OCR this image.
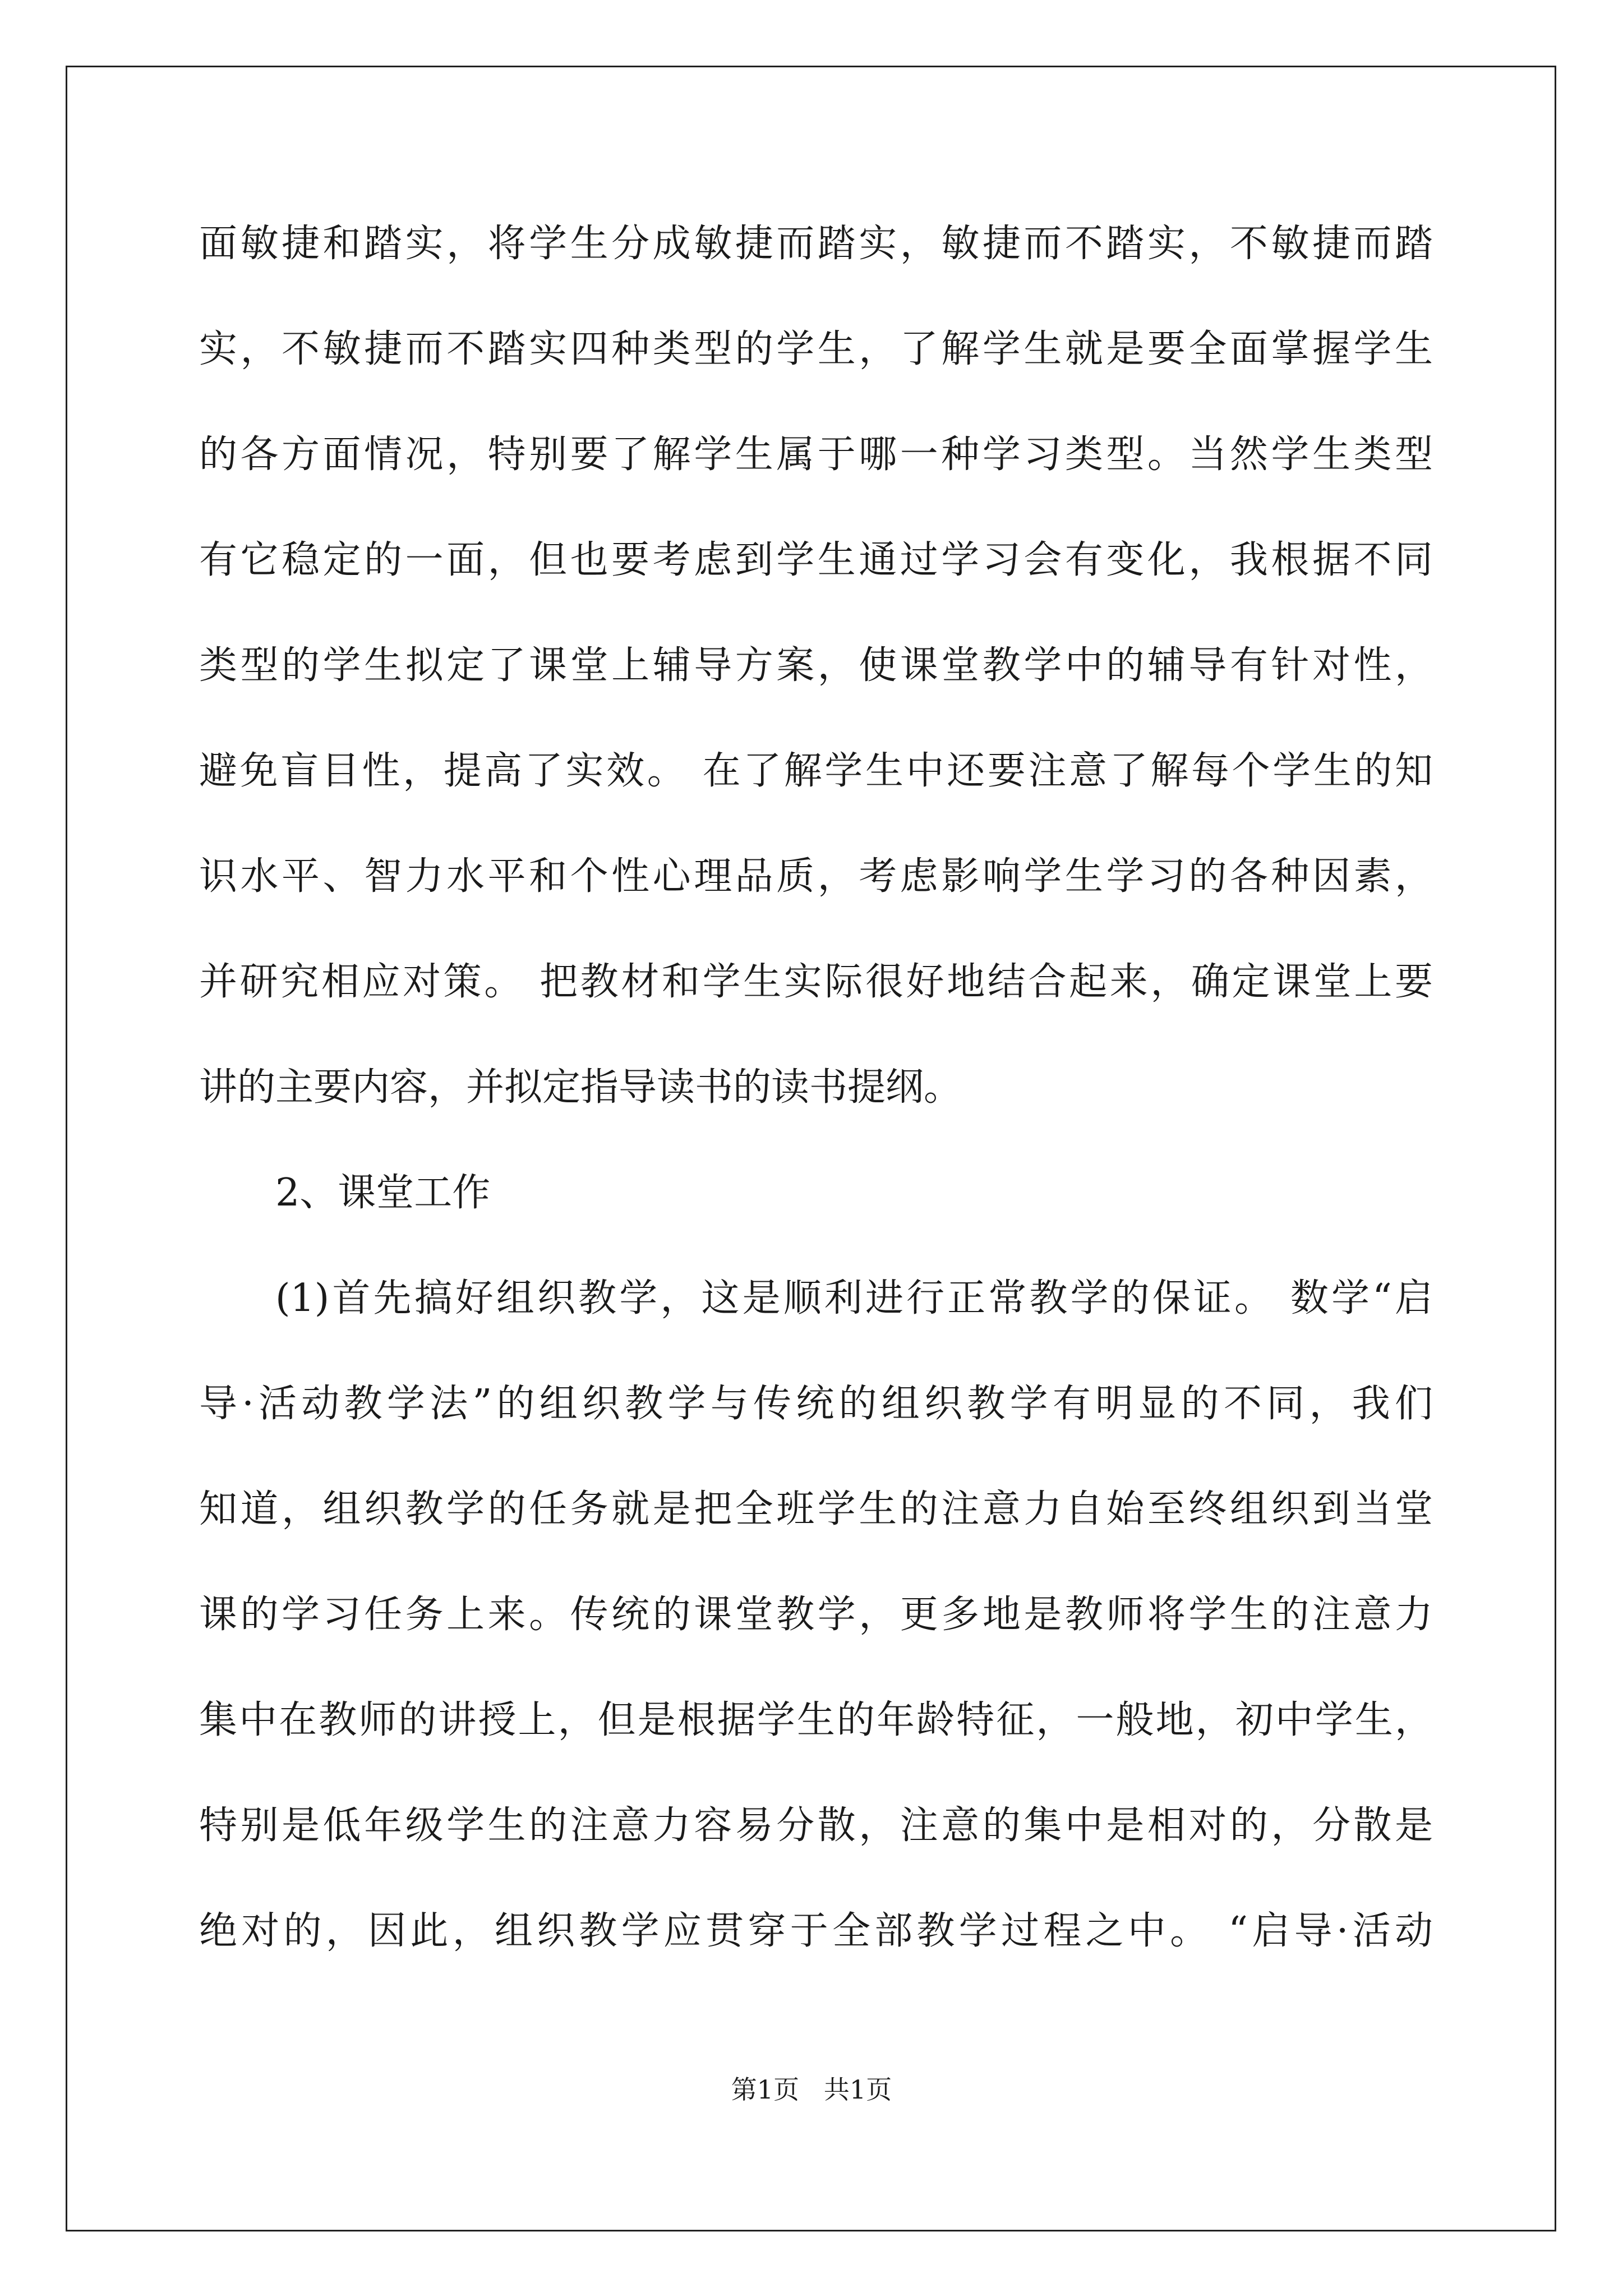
面敏捷和踏实，将学生分成敏捷而踏实，敏捷而不踏实，不敏捷而踏
实，不敏捷而不踏实四种类型的学生，了解学生就是要全面掌握学生
的各方面情况，特别要了解学生属于哪一种学习类型。当然学生类型
有它稳定的一面，但也要考虑到学生通过学习会有变化，我根据不同
类型的学生拟定了课堂上辅导方案，使课堂教学中的辅导有针对性，
避免盲目性，提高了实效。 在了解学生中还要注意了解每个学生的知
识水平、智力水平和个性心理品质，考虑影响学生学习的各种因素，
并研究相应对策。 把教材和学生实际很好地结合起来，确定课堂上要
讲的主要内容，并拟定指导读书的读书提纲。
2、课堂工作
(1)首先搞好组织教学，这是顺利进行正常教学的保证。 数学“启
导·活动教学法”的组织教学与传统的组织教学有明显的不同，我们
知道，组织教学的任务就是把全班学生的注意力自始至终组织到当堂
课的学习任务上来。传统的课堂教学，更多地是教师将学生的注意力
集中在教师的讲授上，但是根据学生的年龄特征，一般地，初中学生，
特别是低年级学生的注意力容易分散，注意的集中是相对的，分散是
绝对的，因此，组织教学应贯穿于全部教学过程之中。 “启导·活动
第1页   共1页
